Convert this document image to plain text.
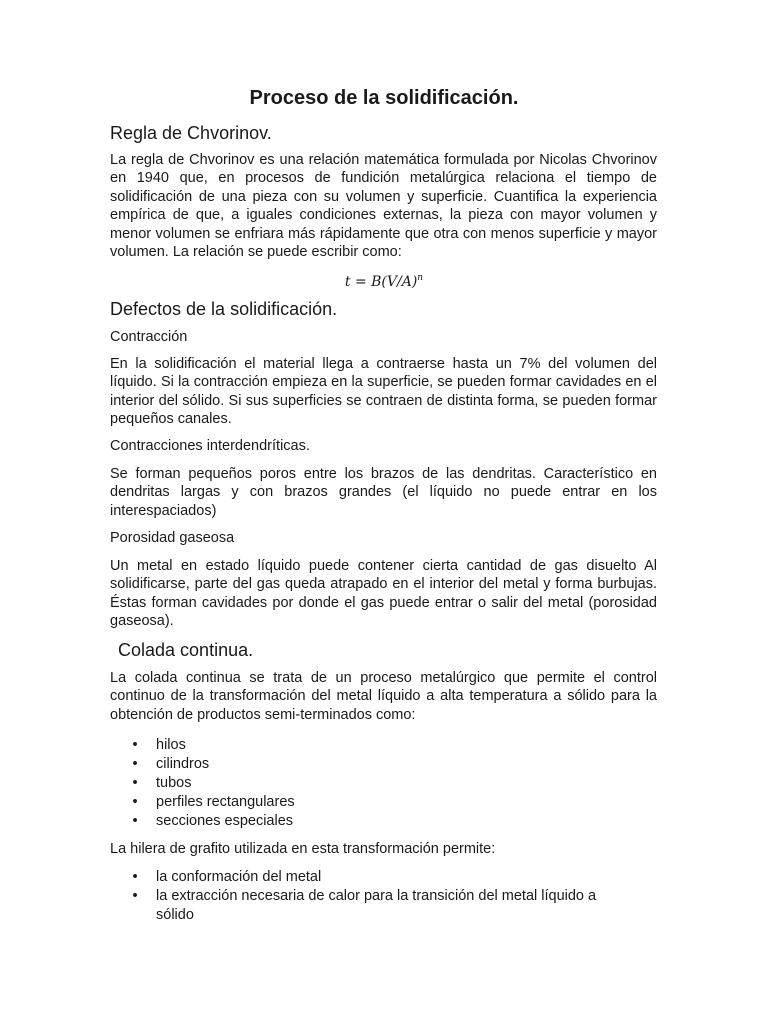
Proceso de la solidificación.
Regla de Chvorinov.
La regla de Chvorinov es una relación matemática formulada por Nicolas Chvorinov en 1940 que, en procesos de fundición metalúrgica relaciona el tiempo de solidificación de una pieza con su volumen y superficie. Cuantifica la experiencia empírica de que, a iguales condiciones externas, la pieza con mayor volumen y menor volumen se enfriara más rápidamente que otra con menos superficie y mayor volumen. La relación se puede escribir como:
$t = B(V/A)^n$
Defectos de la solidificación.
Contracción
En la solidificación el material llega a contraerse hasta un 7% del volumen del líquido. Si la contracción empieza en la superficie, se pueden formar cavidades en el interior del sólido. Si sus superficies se contraen de distinta forma, se pueden formar pequeños canales.
Contracciones interdendríticas.
Se forman pequeños poros entre los brazos de las dendritas. Característico en dendritas largas y con brazos grandes (el líquido no puede entrar en los interespaciados)
Porosidad gaseosa
Un metal en estado líquido puede contener cierta cantidad de gas disuelto Al solidificarse, parte del gas queda atrapado en el interior del metal y forma burbujas. Éstas forman cavidades por donde el gas puede entrar o salir del metal (porosidad gaseosa).
Colada continua.
La colada continua se trata de un proceso metalúrgico que permite el control continuo de la transformación del metal líquido a alta temperatura a sólido para la obtención de productos semi-terminados como:
• hilos
• cilindros
• tubos
• perfiles rectangulares
• secciones especiales
La hilera de grafito utilizada en esta transformación permite:
• la conformación del metal
• la extracción necesaria de calor para la transición del metal líquido a sólido
